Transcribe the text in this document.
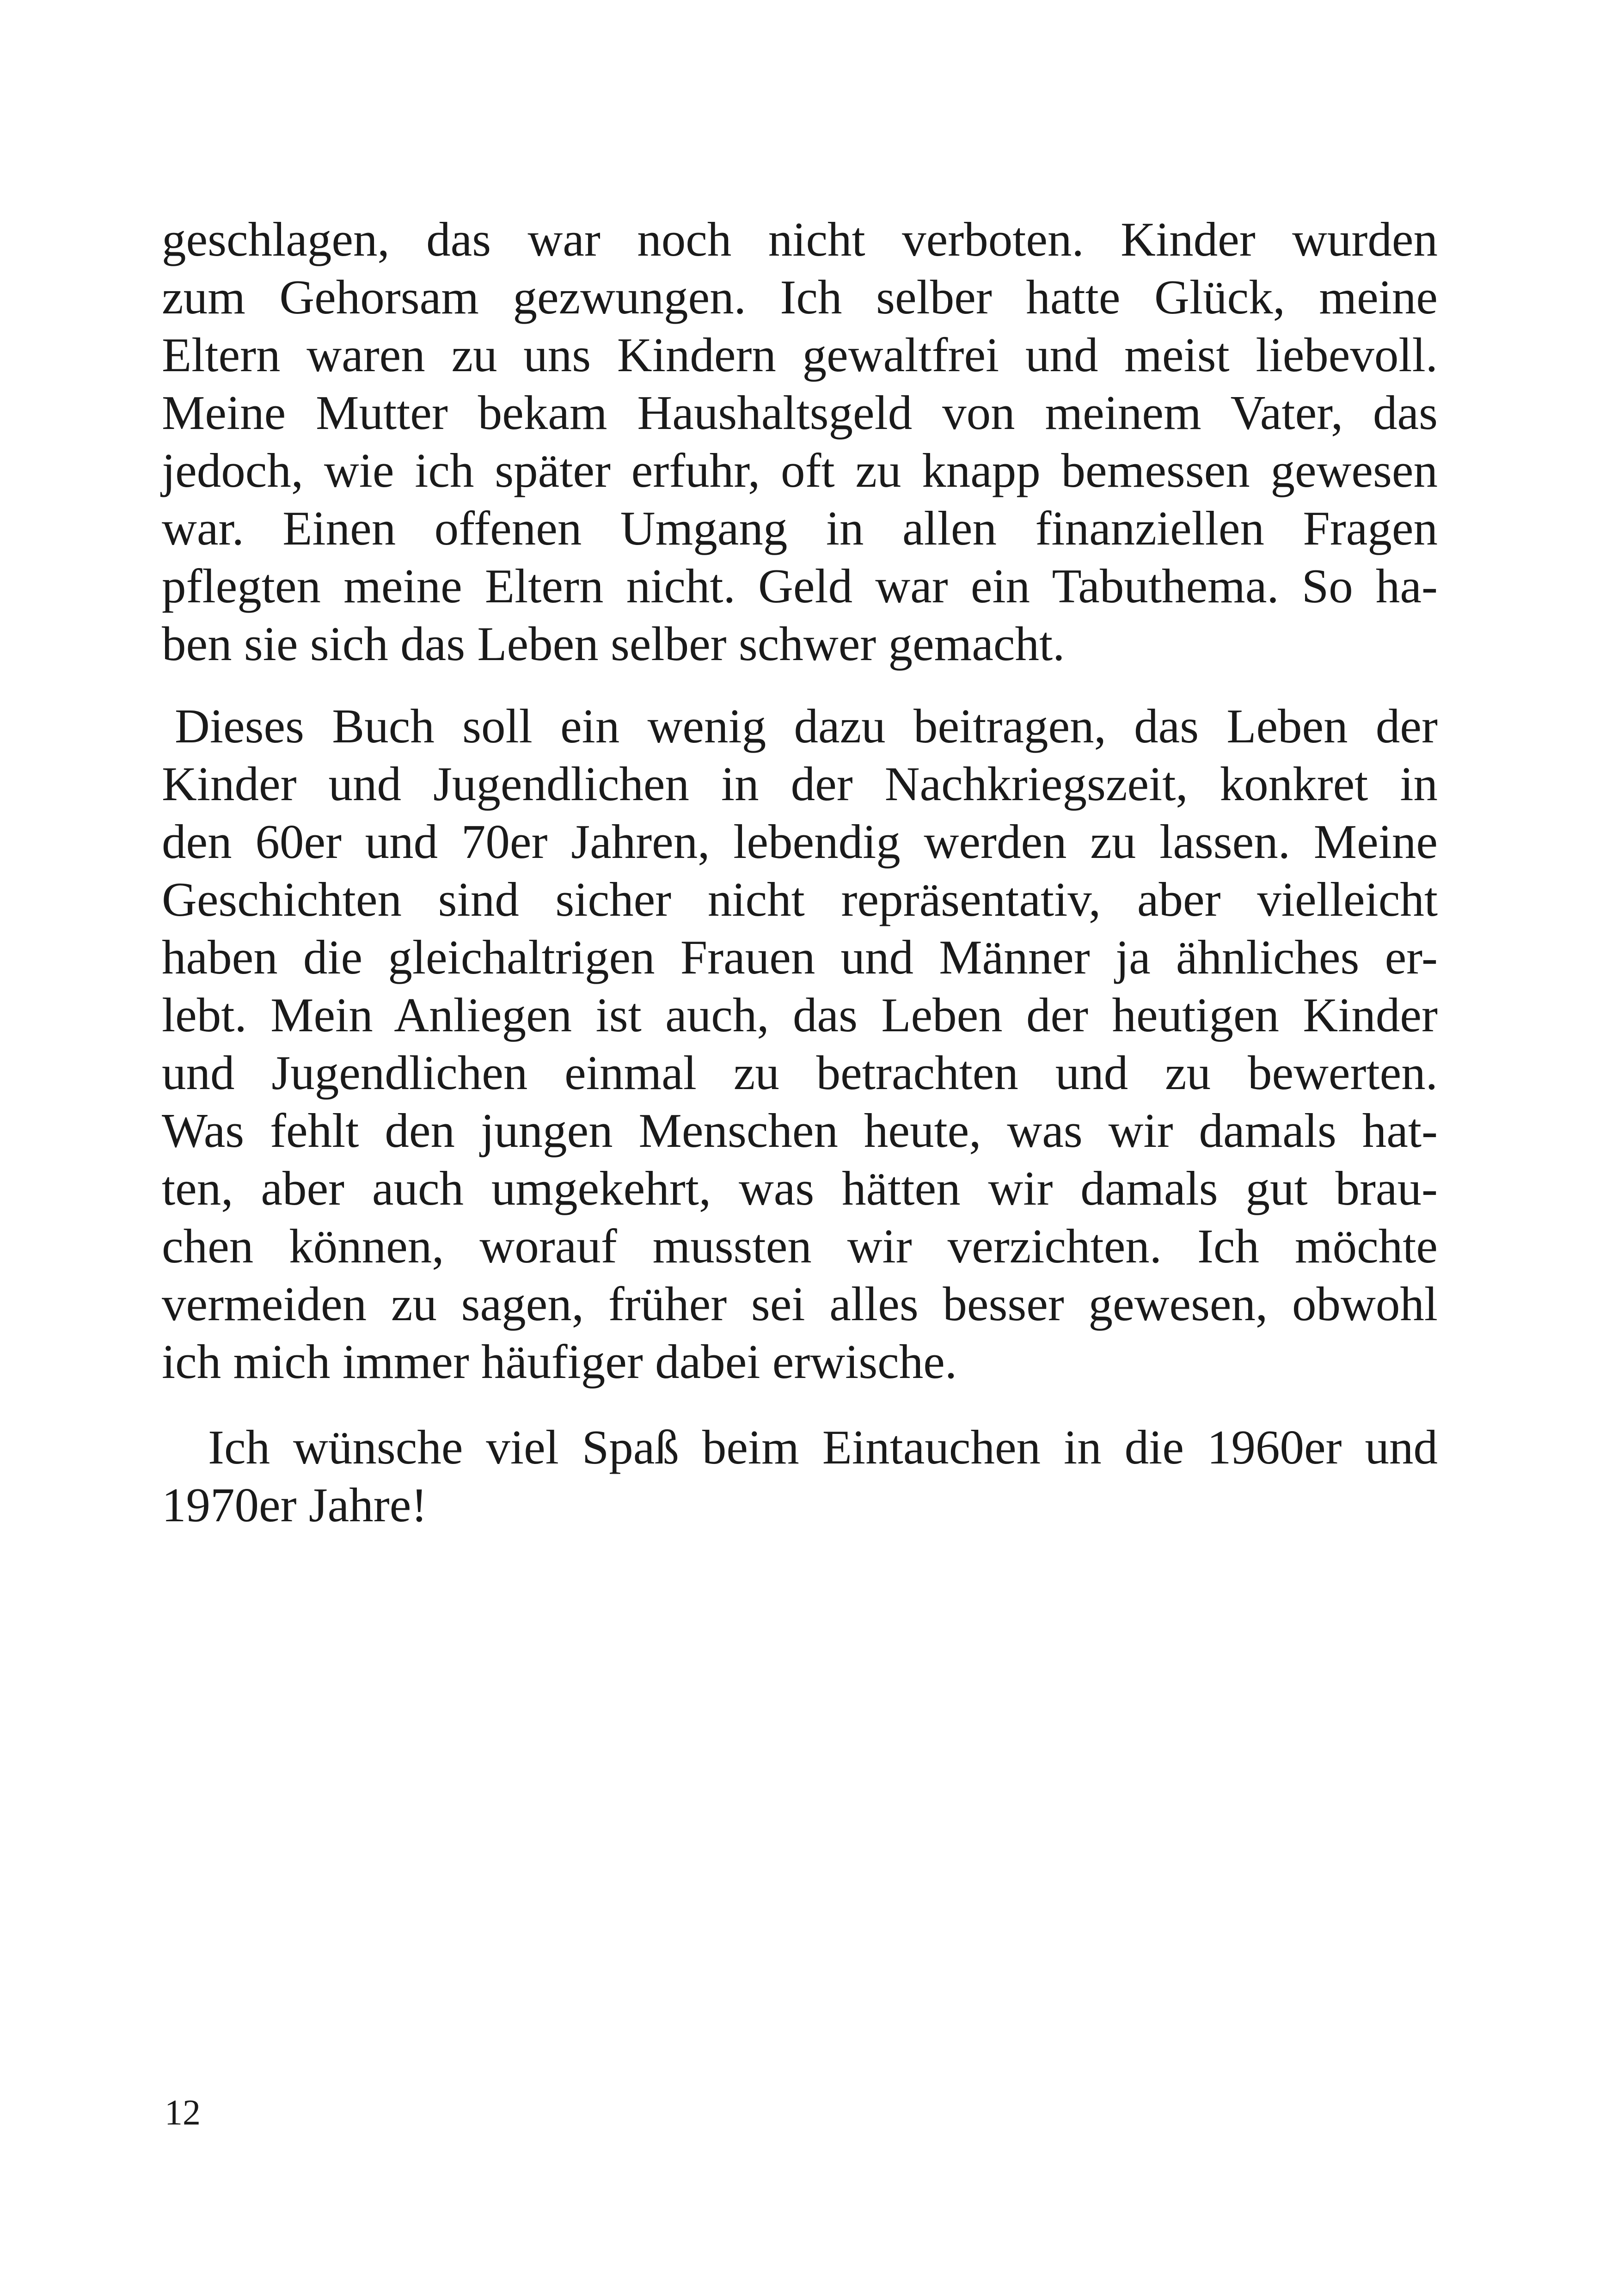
geschlagen, das war noch nicht verboten. Kinder wurden
zum Gehorsam gezwungen. Ich selber hatte Glück, meine
Eltern waren zu uns Kindern gewaltfrei und meist liebevoll.
Meine Mutter bekam Haushaltsgeld von meinem Vater, das
jedoch, wie ich später erfuhr, oft zu knapp bemessen gewesen
war. Einen offenen Umgang in allen finanziellen Fragen
pflegten meine Eltern nicht. Geld war ein Tabuthema. So ha-
ben sie sich das Leben selber schwer gemacht.
Dieses Buch soll ein wenig dazu beitragen, das Leben der
Kinder und Jugendlichen in der Nachkriegszeit, konkret in
den 60er und 70er Jahren, lebendig werden zu lassen. Meine
Geschichten sind sicher nicht repräsentativ, aber vielleicht
haben die gleichaltrigen Frauen und Männer ja ähnliches er-
lebt. Mein Anliegen ist auch, das Leben der heutigen Kinder
und Jugendlichen einmal zu betrachten und zu bewerten.
Was fehlt den jungen Menschen heute, was wir damals hat-
ten, aber auch umgekehrt, was hätten wir damals gut brau-
chen können, worauf mussten wir verzichten. Ich möchte
vermeiden zu sagen, früher sei alles besser gewesen, obwohl
ich mich immer häufiger dabei erwische.
Ich wünsche viel Spaß beim Eintauchen in die 1960er und
1970er Jahre!
12
